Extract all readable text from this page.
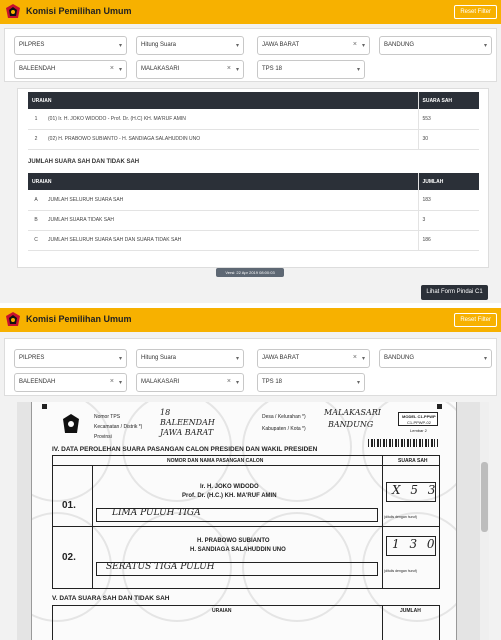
Komisi Pemilihan Umum	Reset Filter
PILPRES	▾	Hitung Suara	▾	JAWA BARAT	× ▾	BANDUNG	▾
BALEENDAH	× ▾	MALAKASARI	× ▾	TPS 18	▾
URAIAN		SUARA SAH
1	(01) Ir. H. JOKO WIDODO - Prof. Dr. (H.C) KH. MA'RUF AMIN	553
2	(02) H. PRABOWO SUBIANTO - H. SANDIAGA SALAHUDDIN UNO	30
JUMLAH SUARA SAH DAN TIDAK SAH
URAIAN		JUMLAH
A	JUMLAH SELURUH SUARA SAH	183
B	JUMLAH SUARA TIDAK SAH	3
C	JUMLAH SELURUH SUARA SAH DAN SUARA TIDAK SAH	186
Versi: 22 Apr 2019 08:00:03
Lihat Form Pindai C1
Komisi Pemilihan Umum	Reset Filter
PILPRES	▾	Hitung Suara	▾	JAWA BARAT	× ▾	BANDUNG	▾
BALEENDAH	× ▾	MALAKASARI	× ▾	TPS 18	▾
Nomor TPS
Kecamatan / Distrik *)
Provinsi
18
BALEENDAH
JAWA BARAT
Desa / Kelurahan *)
Kabupaten / Kota *)
MALAKASARI
BANDUNG
MODEL C1-PPWP
C1-PPWP-02
Lembar 2
IV. DATA PEROLEHAN SUARA PASANGAN CALON PRESIDEN DAN WAKIL PRESIDEN
NOMOR DAN NAMA PASANGAN CALON	SUARA SAH
01.
Ir. H. JOKO WIDODO
Prof. Dr. (H.C.) KH. MA'RUF AMIN	X 5 3
LIMA PULUH TIGA	(ditulis dengan huruf)
02.
H. PRABOWO SUBIANTO
H. SANDIAGA SALAHUDDIN UNO	1 3 0
SERATUS TIGA PULUH	(ditulis dengan huruf)
V. DATA SUARA SAH DAN TIDAK SAH
URAIAN	JUMLAH
